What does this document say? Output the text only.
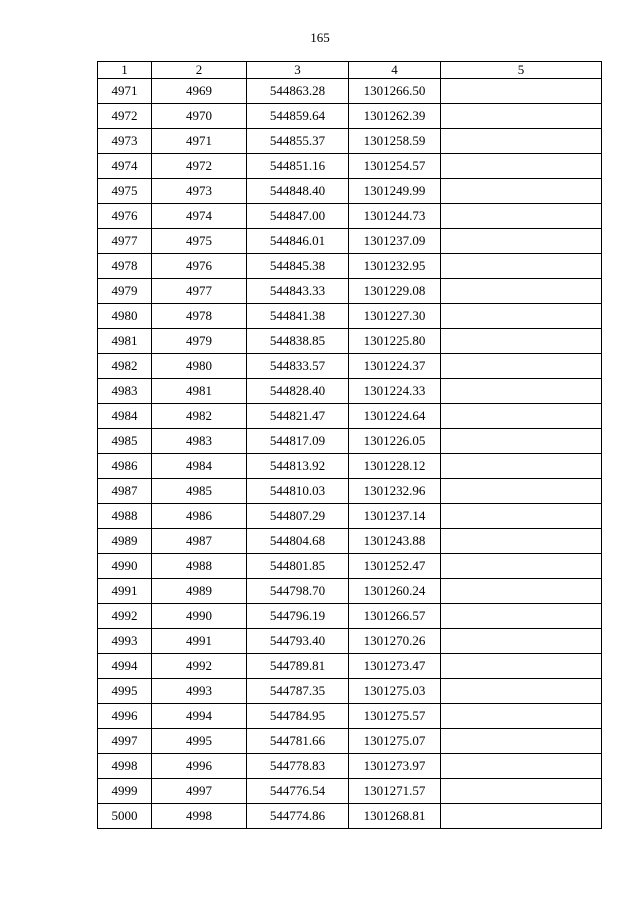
165
1	2	3	4	5
4971	4969	544863.28	1301266.50	
4972	4970	544859.64	1301262.39	
4973	4971	544855.37	1301258.59	
4974	4972	544851.16	1301254.57	
4975	4973	544848.40	1301249.99	
4976	4974	544847.00	1301244.73	
4977	4975	544846.01	1301237.09	
4978	4976	544845.38	1301232.95	
4979	4977	544843.33	1301229.08	
4980	4978	544841.38	1301227.30	
4981	4979	544838.85	1301225.80	
4982	4980	544833.57	1301224.37	
4983	4981	544828.40	1301224.33	
4984	4982	544821.47	1301224.64	
4985	4983	544817.09	1301226.05	
4986	4984	544813.92	1301228.12	
4987	4985	544810.03	1301232.96	
4988	4986	544807.29	1301237.14	
4989	4987	544804.68	1301243.88	
4990	4988	544801.85	1301252.47	
4991	4989	544798.70	1301260.24	
4992	4990	544796.19	1301266.57	
4993	4991	544793.40	1301270.26	
4994	4992	544789.81	1301273.47	
4995	4993	544787.35	1301275.03	
4996	4994	544784.95	1301275.57	
4997	4995	544781.66	1301275.07	
4998	4996	544778.83	1301273.97	
4999	4997	544776.54	1301271.57	
5000	4998	544774.86	1301268.81	
